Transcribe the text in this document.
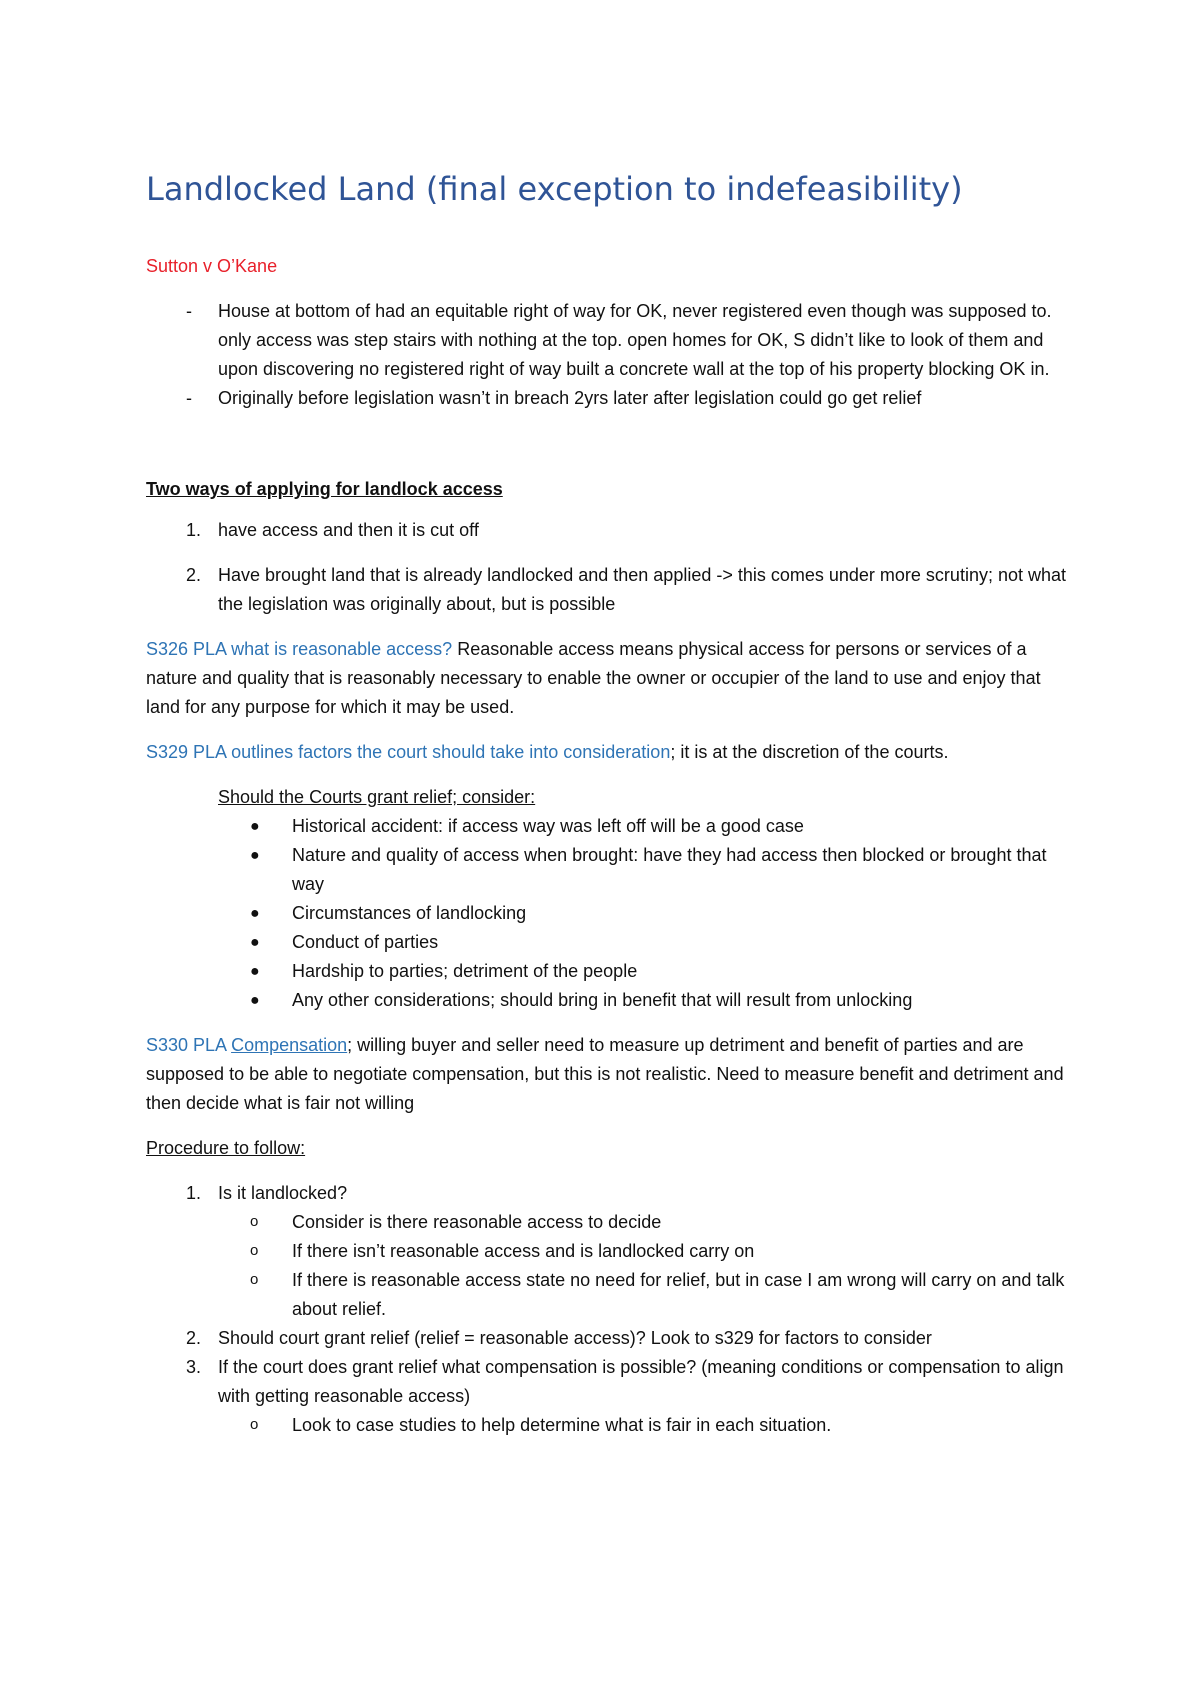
Landlocked Land (final exception to indefeasibility)
Sutton v O’Kane
- House at bottom of had an equitable right of way for OK, never registered even though was supposed to. only access was step stairs with nothing at the top. open homes for OK, S didn’t like to look of them and upon discovering no registered right of way built a concrete wall at the top of his property blocking OK in.
- Originally before legislation wasn’t in breach 2yrs later after legislation could go get relief
Two ways of applying for landlock access
1. have access and then it is cut off
2. Have brought land that is already landlocked and then applied -> this comes under more scrutiny; not what the legislation was originally about, but is possible

S326 PLA what is reasonable access? Reasonable access means physical access for persons or services of a nature and quality that is reasonably necessary to enable the owner or occupier of the land to use and enjoy that land for any purpose for which it may be used.

S329 PLA outlines factors the court should take into consideration; it is at the discretion of the courts.

Should the Courts grant relief; consider:
● Historical accident: if access way was left off will be a good case
● Nature and quality of access when brought: have they had access then blocked or brought that way
● Circumstances of landlocking
● Conduct of parties
● Hardship to parties; detriment of the people
● Any other considerations; should bring in benefit that will result from unlocking

S330 PLA Compensation; willing buyer and seller need to measure up detriment and benefit of parties and are supposed to be able to negotiate compensation, but this is not realistic. Need to measure benefit and detriment and then decide what is fair not willing

Procedure to follow:
1. Is it landlocked?
o Consider is there reasonable access to decide
o If there isn’t reasonable access and is landlocked carry on
o If there is reasonable access state no need for relief, but in case I am wrong will carry on and talk about relief.
2. Should court grant relief (relief = reasonable access)? Look to s329 for factors to consider
3. If the court does grant relief what compensation is possible? (meaning conditions or compensation to align with getting reasonable access)
o Look to case studies to help determine what is fair in each situation.
